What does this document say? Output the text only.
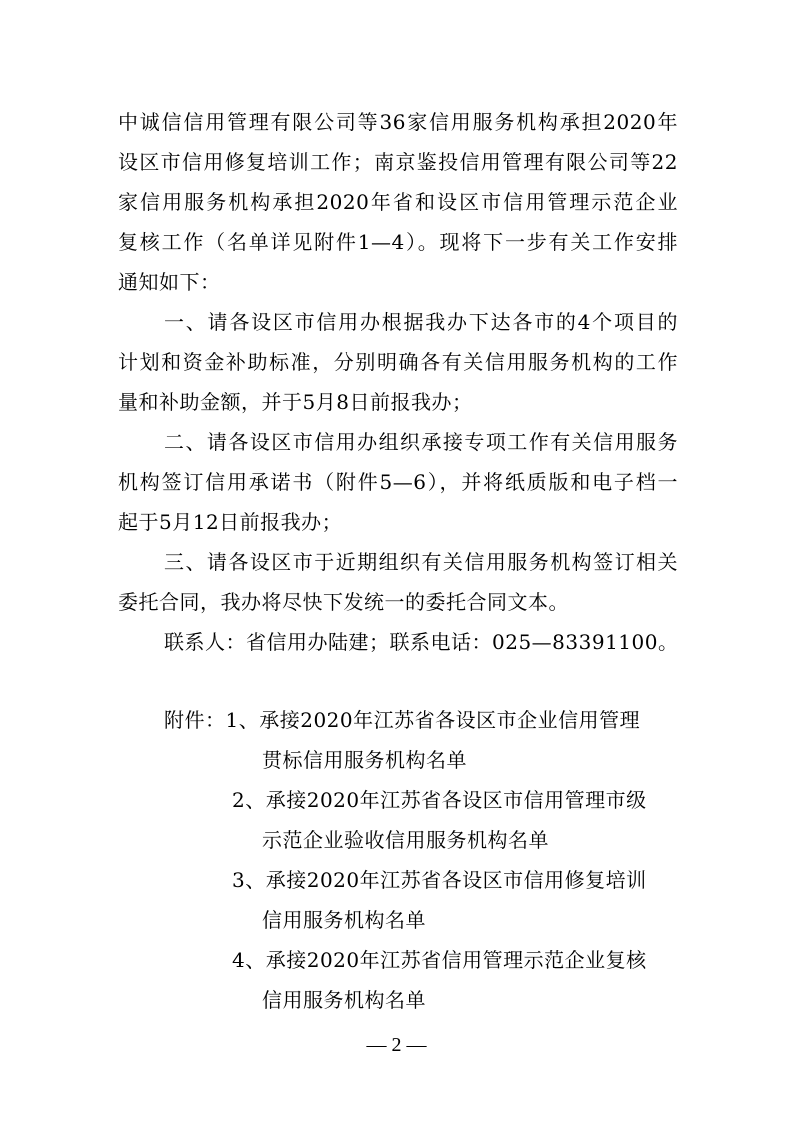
中诚信信用管理有限公司等36家信用服务机构承担2020年
设区市信用修复培训工作；南京鉴投信用管理有限公司等22
家信用服务机构承担2020年省和设区市信用管理示范企业
复核工作（名单详见附件1—4）。现将下一步有关工作安排
通知如下：
一、请各设区市信用办根据我办下达各市的4个项目的
计划和资金补助标准，分别明确各有关信用服务机构的工作
量和补助金额，并于5月8日前报我办；
二、请各设区市信用办组织承接专项工作有关信用服务
机构签订信用承诺书（附件5—6），并将纸质版和电子档一
起于5月12日前报我办；
三、请各设区市于近期组织有关信用服务机构签订相关
委托合同，我办将尽快下发统一的委托合同文本。
联系人：省信用办陆建；联系电话：025—83391100。
附件：1、承接2020年江苏省各设区市企业信用管理
贯标信用服务机构名单
2、承接2020年江苏省各设区市信用管理市级
示范企业验收信用服务机构名单
3、承接2020年江苏省各设区市信用修复培训
信用服务机构名单
4、承接2020年江苏省信用管理示范企业复核
信用服务机构名单
— 2 —
